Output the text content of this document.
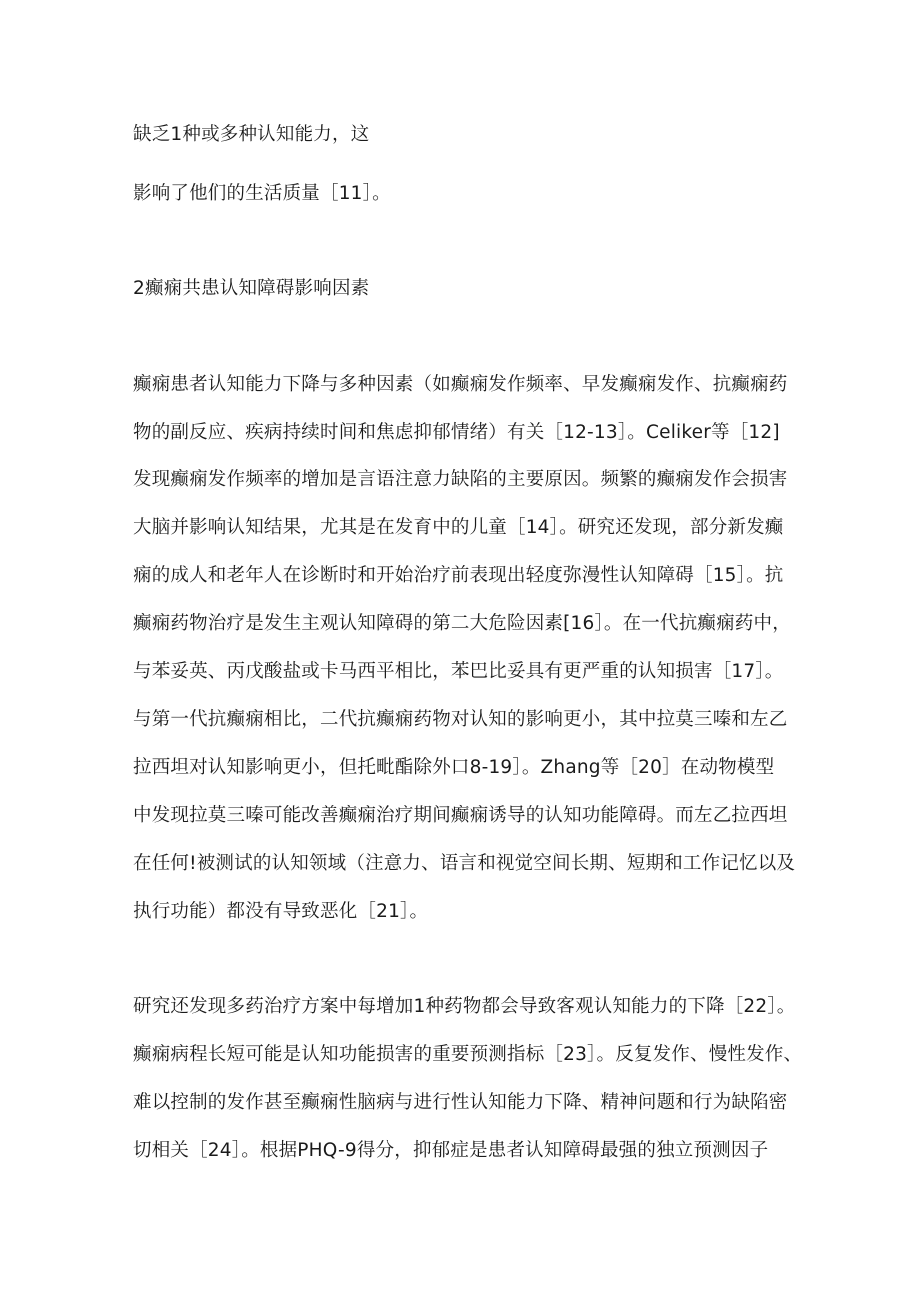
缺乏1种或多种认知能力，这

影响了他们的生活质量［11］。

2癫痫共患认知障碍影响因素

癫痫患者认知能力下降与多种因素（如癫痫发作频率、早发癫痫发作、抗癫痫药

物的副反应、疾病持续时间和焦虑抑郁情绪）有关［12-13］。Celiker等［12]

发现癫痫发作频率的增加是言语注意力缺陷的主要原因。频繁的癫痫发作会损害

大脑并影响认知结果，尤其是在发育中的儿童［14］。研究还发现，部分新发癫

痫的成人和老年人在诊断时和开始治疗前表现出轻度弥漫性认知障碍［15］。抗

癫痫药物治疗是发生主观认知障碍的第二大危险因素[16］。在一代抗癫痫药中，

与苯妥英、丙戊酸盐或卡马西平相比，苯巴比妥具有更严重的认知损害［17］。

与第一代抗癫痫相比，二代抗癫痫药物对认知的影响更小，其中拉莫三嗪和左乙

拉西坦对认知影响更小，但托毗酯除外口8-19］。Zhang等［20］在动物模型

中发现拉莫三嗪可能改善癫痫治疗期间癫痫诱导的认知功能障碍。而左乙拉西坦

在任何!被测试的认知领域（注意力、语言和视觉空间长期、短期和工作记忆以及

执行功能）都没有导致恶化［21］。

研究还发现多药治疗方案中每增加1种药物都会导致客观认知能力的下降［22］。

癫痫病程长短可能是认知功能损害的重要预测指标［23］。反复发作、慢性发作、

难以控制的发作甚至癫痫性脑病与进行性认知能力下降、精神问题和行为缺陷密

切相关［24］。根据PHQ-9得分，抑郁症是患者认知障碍最强的独立预测因子
